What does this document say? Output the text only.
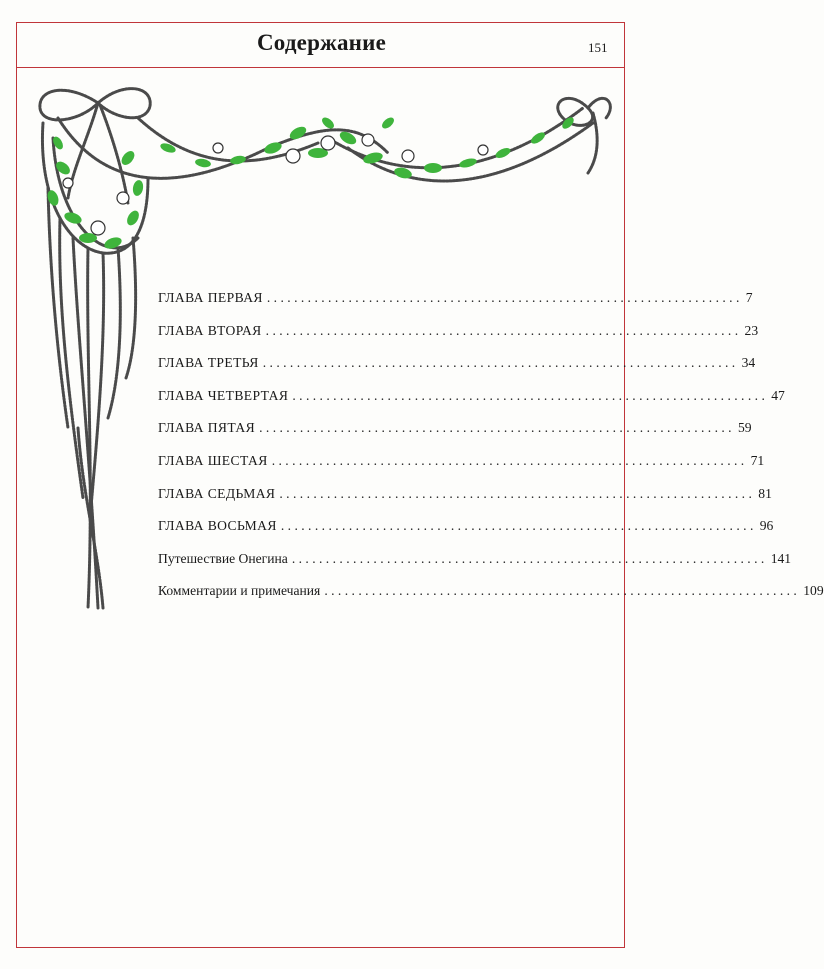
Содержание	151
ГЛАВА ПЕРВАЯ ...................................................................... 7
ГЛАВА ВТОРАЯ ...................................................................... 23
ГЛАВА ТРЕТЬЯ ...................................................................... 34
ГЛАВА ЧЕТВЕРТАЯ ...................................................................... 47
ГЛАВА ПЯТАЯ ...................................................................... 59
ГЛАВА ШЕСТАЯ ...................................................................... 71
ГЛАВА СЕДЬМАЯ ...................................................................... 81
ГЛАВА ВОСЬМАЯ ...................................................................... 96
Путешествие Онегина ...................................................................... 141
Комментарии и примечания ...................................................................... 109
